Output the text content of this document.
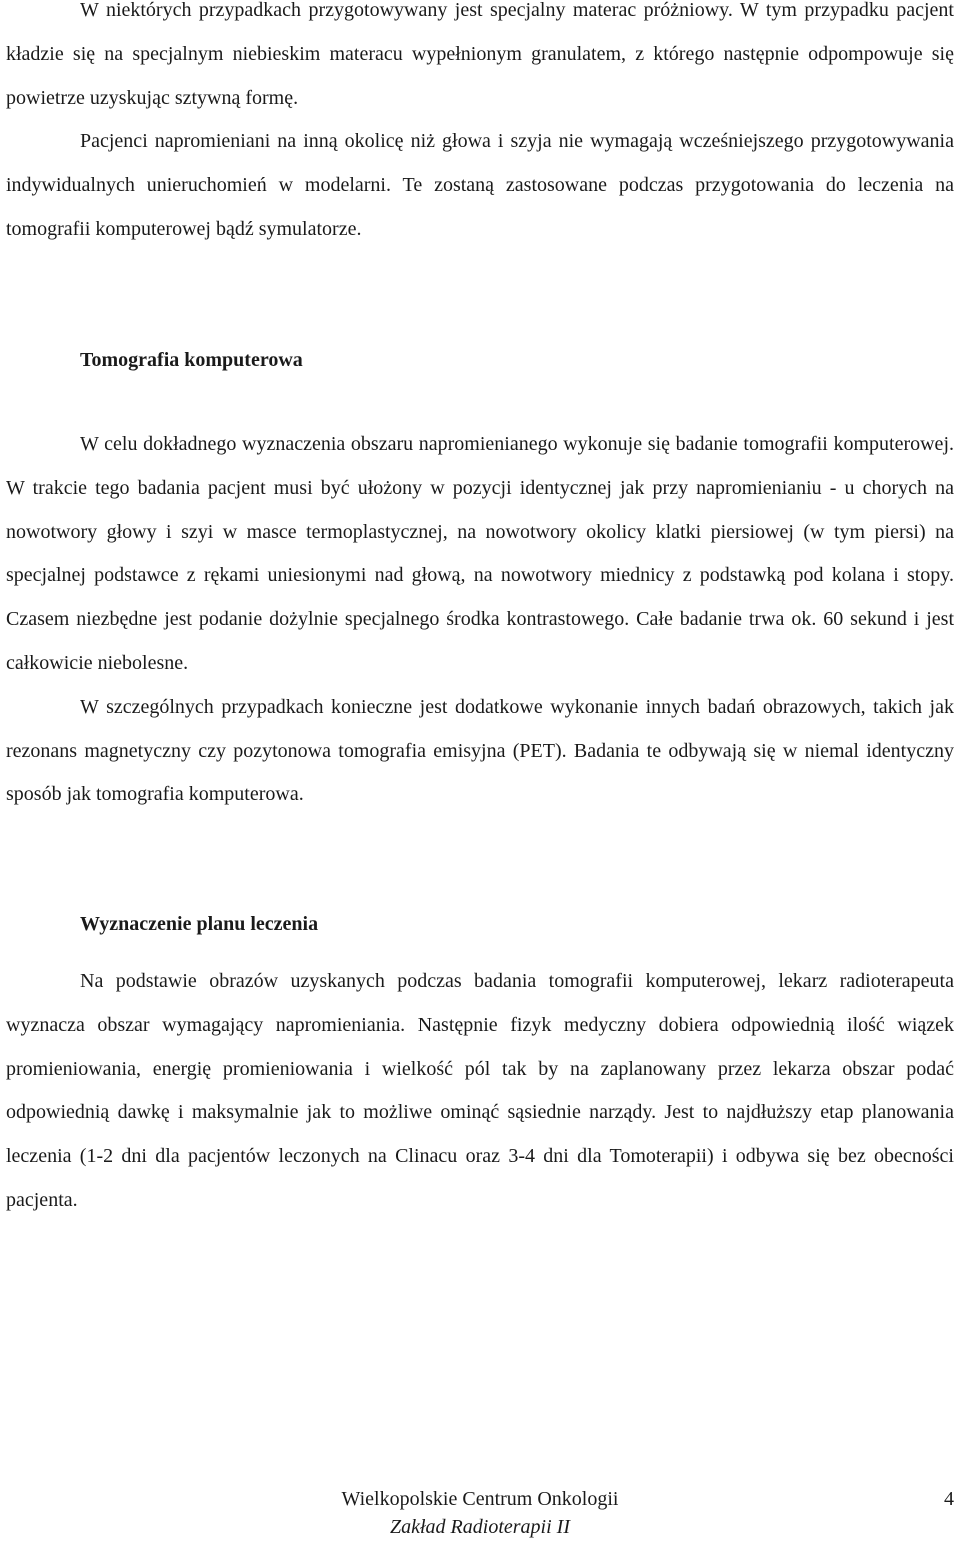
W niektórych przypadkach przygotowywany jest specjalny materac próżniowy. W tym przypadku pacjent kładzie się na specjalnym niebieskim materacu wypełnionym granulatem, z którego następnie odpompowuje się powietrze uzyskując sztywną formę.

Pacjenci napromieniani na inną okolicę niż głowa i szyja nie wymagają wcześniejszego przygotowywania indywidualnych unieruchomień w modelarni. Te zostaną zastosowane podczas przygotowania do leczenia na tomografii komputerowej bądź symulatorze.

Tomografia komputerowa

W celu dokładnego wyznaczenia obszaru napromienianego wykonuje się badanie tomografii komputerowej. W trakcie tego badania pacjent musi być ułożony w pozycji identycznej jak przy napromienianiu - u chorych na nowotwory głowy i szyi w masce termoplastycznej, na nowotwory okolicy klatki piersiowej (w tym piersi) na specjalnej podstawce z rękami uniesionymi nad głową, na nowotwory miednicy z podstawką pod kolana i stopy. Czasem niezbędne jest podanie dożylnie specjalnego środka kontrastowego. Całe badanie trwa ok. 60 sekund i jest całkowicie niebolesne.

W szczególnych przypadkach konieczne jest dodatkowe wykonanie innych badań obrazowych, takich jak rezonans magnetyczny czy pozytonowa tomografia emisyjna (PET). Badania te odbywają się w niemal identyczny sposób jak tomografia komputerowa.

Wyznaczenie planu leczenia

Na podstawie obrazów uzyskanych podczas badania tomografii komputerowej, lekarz radioterapeuta wyznacza obszar wymagający napromieniania. Następnie fizyk medyczny dobiera odpowiednią ilość wiązek promieniowania, energię promieniowania i wielkość pól tak by na zaplanowany przez lekarza obszar podać odpowiednią dawkę i maksymalnie jak to możliwe ominąć sąsiednie narządy. Jest to najdłuższy etap planowania leczenia (1-2 dni dla pacjentów leczonych na Clinacu oraz 3-4 dni dla Tomoterapii) i odbywa się bez obecności pacjenta.

Wielkopolskie Centrum Onkologii
Zakład Radioterapii II
4
